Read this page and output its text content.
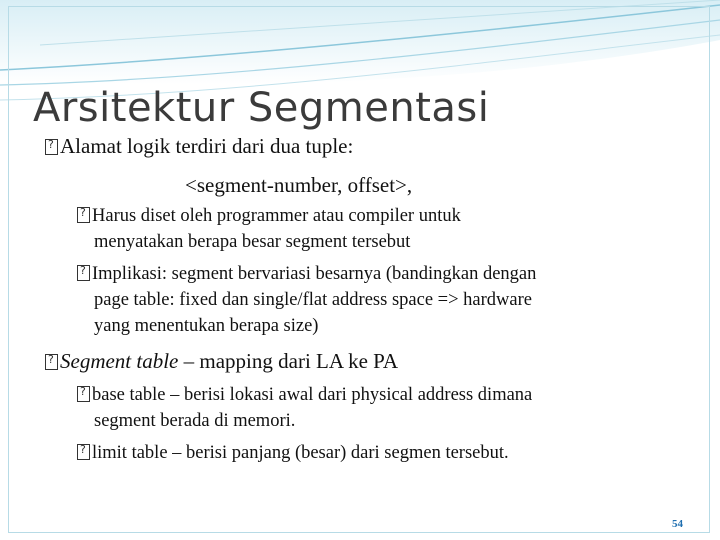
Arsitektur Segmentasi
?Alamat logik terdiri dari dua tuple:
<segment-number, offset>,
?Harus diset oleh programmer atau compiler untuk
menyatakan berapa besar segment tersebut
?Implikasi: segment bervariasi besarnya (bandingkan dengan
page table: fixed dan single/flat address space => hardware
yang menentukan berapa size)
?Segment table – mapping dari LA ke PA
?base table – berisi lokasi awal dari physical address dimana
segment berada di memori.
?limit table – berisi panjang (besar) dari segmen tersebut.
54
